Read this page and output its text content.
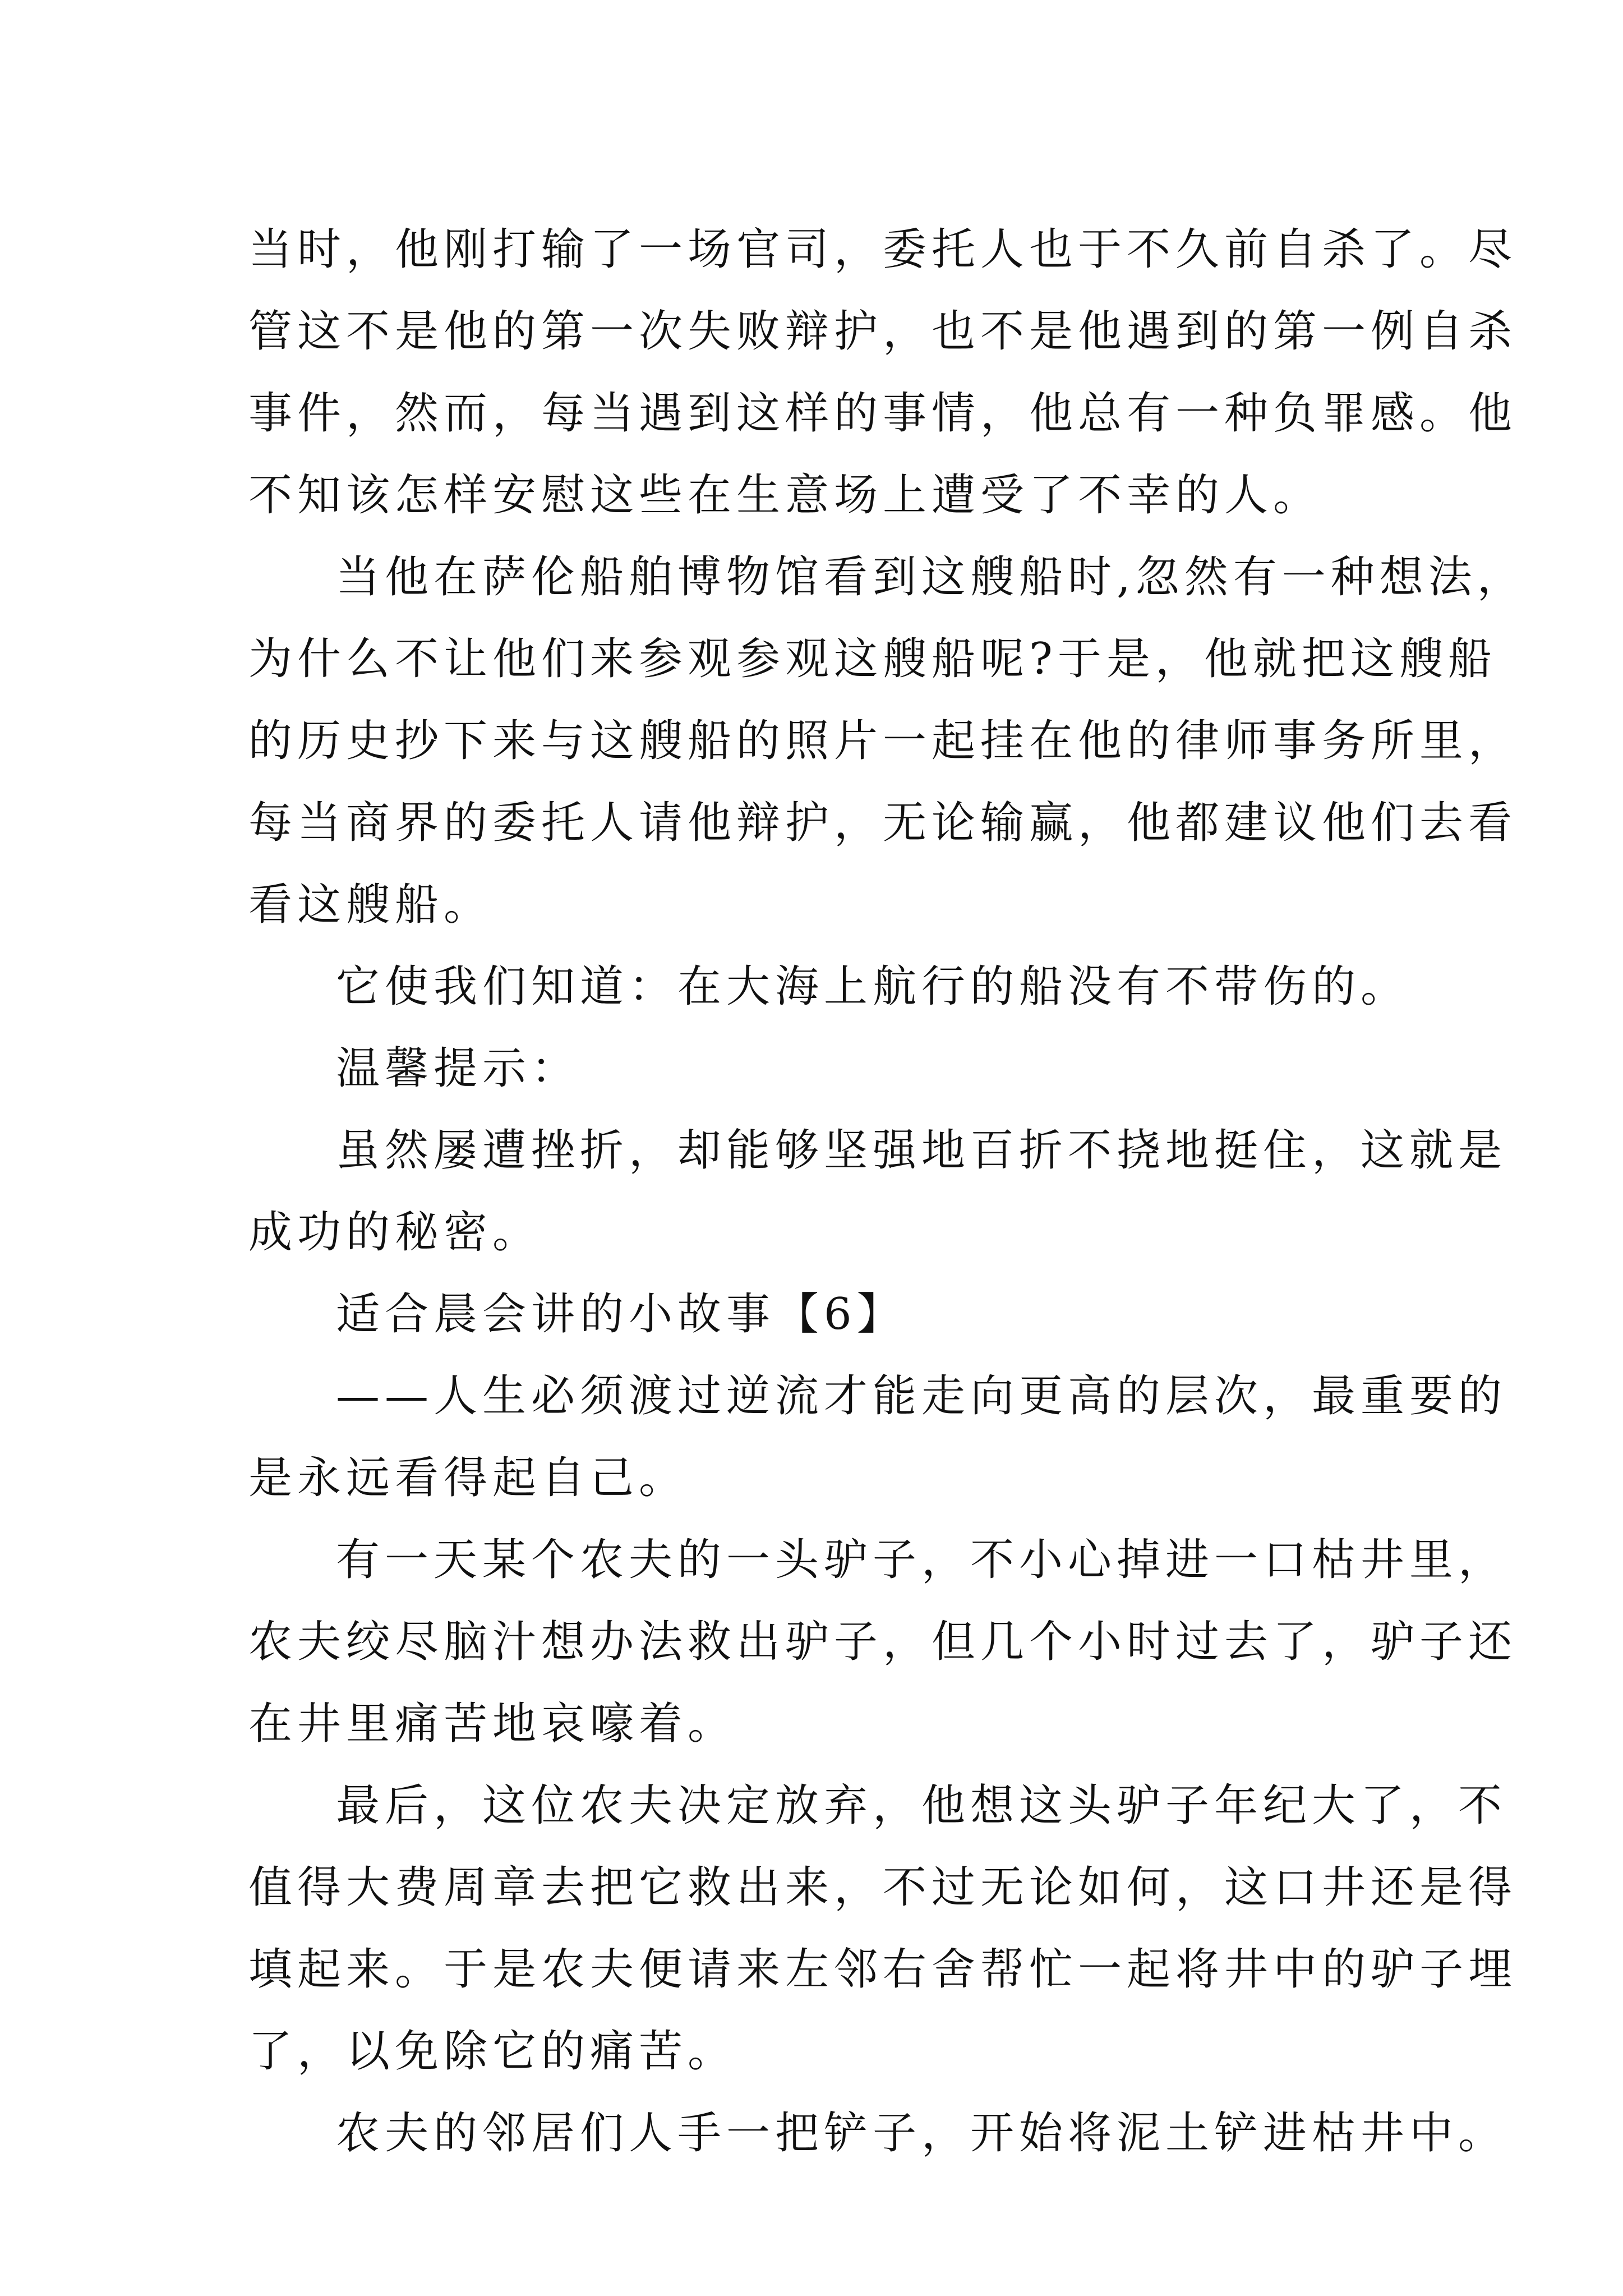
当时，他刚打输了一场官司，委托人也于不久前自杀了。尽
管这不是他的第一次失败辩护，也不是他遇到的第一例自杀
事件，然而，每当遇到这样的事情，他总有一种负罪感。他
不知该怎样安慰这些在生意场上遭受了不幸的人。
当他在萨伦船舶博物馆看到这艘船时,忽然有一种想法，
为什么不让他们来参观参观这艘船呢?于是，他就把这艘船
的历史抄下来与这艘船的照片一起挂在他的律师事务所里，
每当商界的委托人请他辩护，无论输赢，他都建议他们去看
看这艘船。
它使我们知道：在大海上航行的船没有不带伤的。
温馨提示：
虽然屡遭挫折，却能够坚强地百折不挠地挺住，这就是
成功的秘密。
适合晨会讲的小故事【6】
——人生必须渡过逆流才能走向更高的层次，最重要的
是永远看得起自己。
有一天某个农夫的一头驴子，不小心掉进一口枯井里，
农夫绞尽脑汁想办法救出驴子，但几个小时过去了，驴子还
在井里痛苦地哀嚎着。
最后，这位农夫决定放弃，他想这头驴子年纪大了，不
值得大费周章去把它救出来，不过无论如何，这口井还是得
填起来。于是农夫便请来左邻右舍帮忙一起将井中的驴子埋
了，以免除它的痛苦。
农夫的邻居们人手一把铲子，开始将泥土铲进枯井中。
